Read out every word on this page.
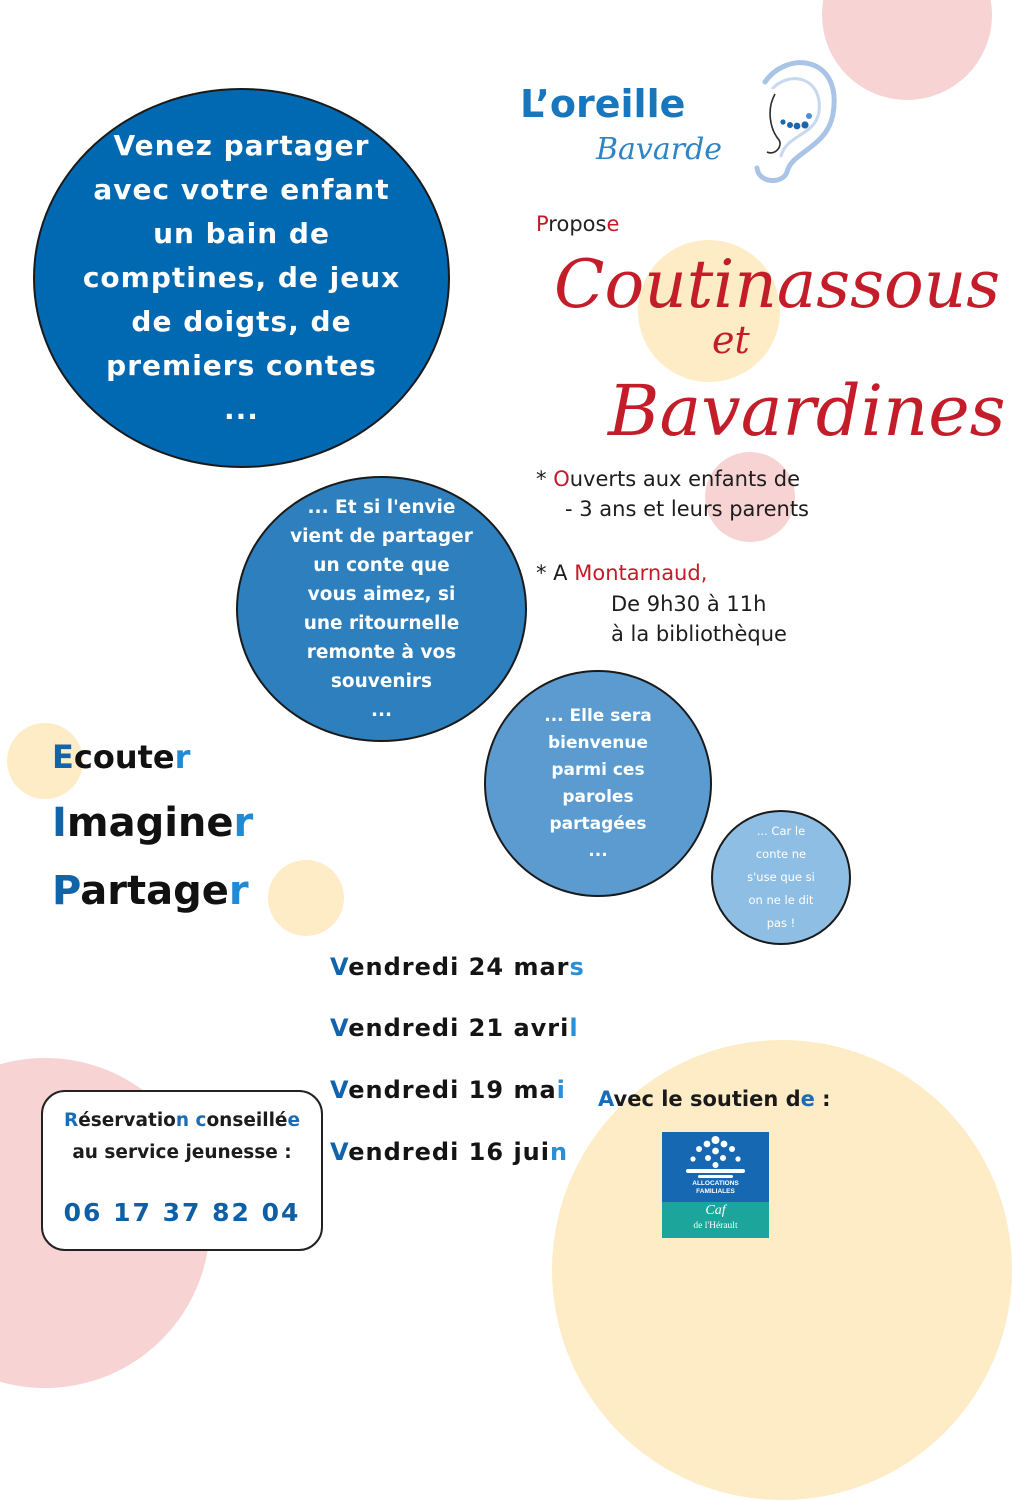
L’oreille
Bavarde
Venez partager
avec votre enfant
un bain de
comptines, de jeux
de doigts, de
premiers contes
...
... Et si l'envie
vient de partager
un conte que
vous aimez, si
une ritournelle
remonte à vos
souvenirs
...	... Elle sera
bienvenue
parmi ces
paroles
partagées
...
... Car le
conte ne
s'use que si
on ne le dit
pas !
Propose
Coutinassous
et
Bavardines
* Ouverts aux enfants de
- 3 ans et leurs parents
* A Montarnaud,
De 9h30 à 11h
à la bibliothèque
Ecouter
Imaginer
Partager
Vendredi 24 mars
Vendredi 21 avril
Vendredi 19 mai
Vendredi 16 juin
Réservation conseillée
au service jeunesse :
06 17 37 82 04
Avec le soutien de :
ALLOCATIONS
FAMILIALES
Caf
de l'Hérault
